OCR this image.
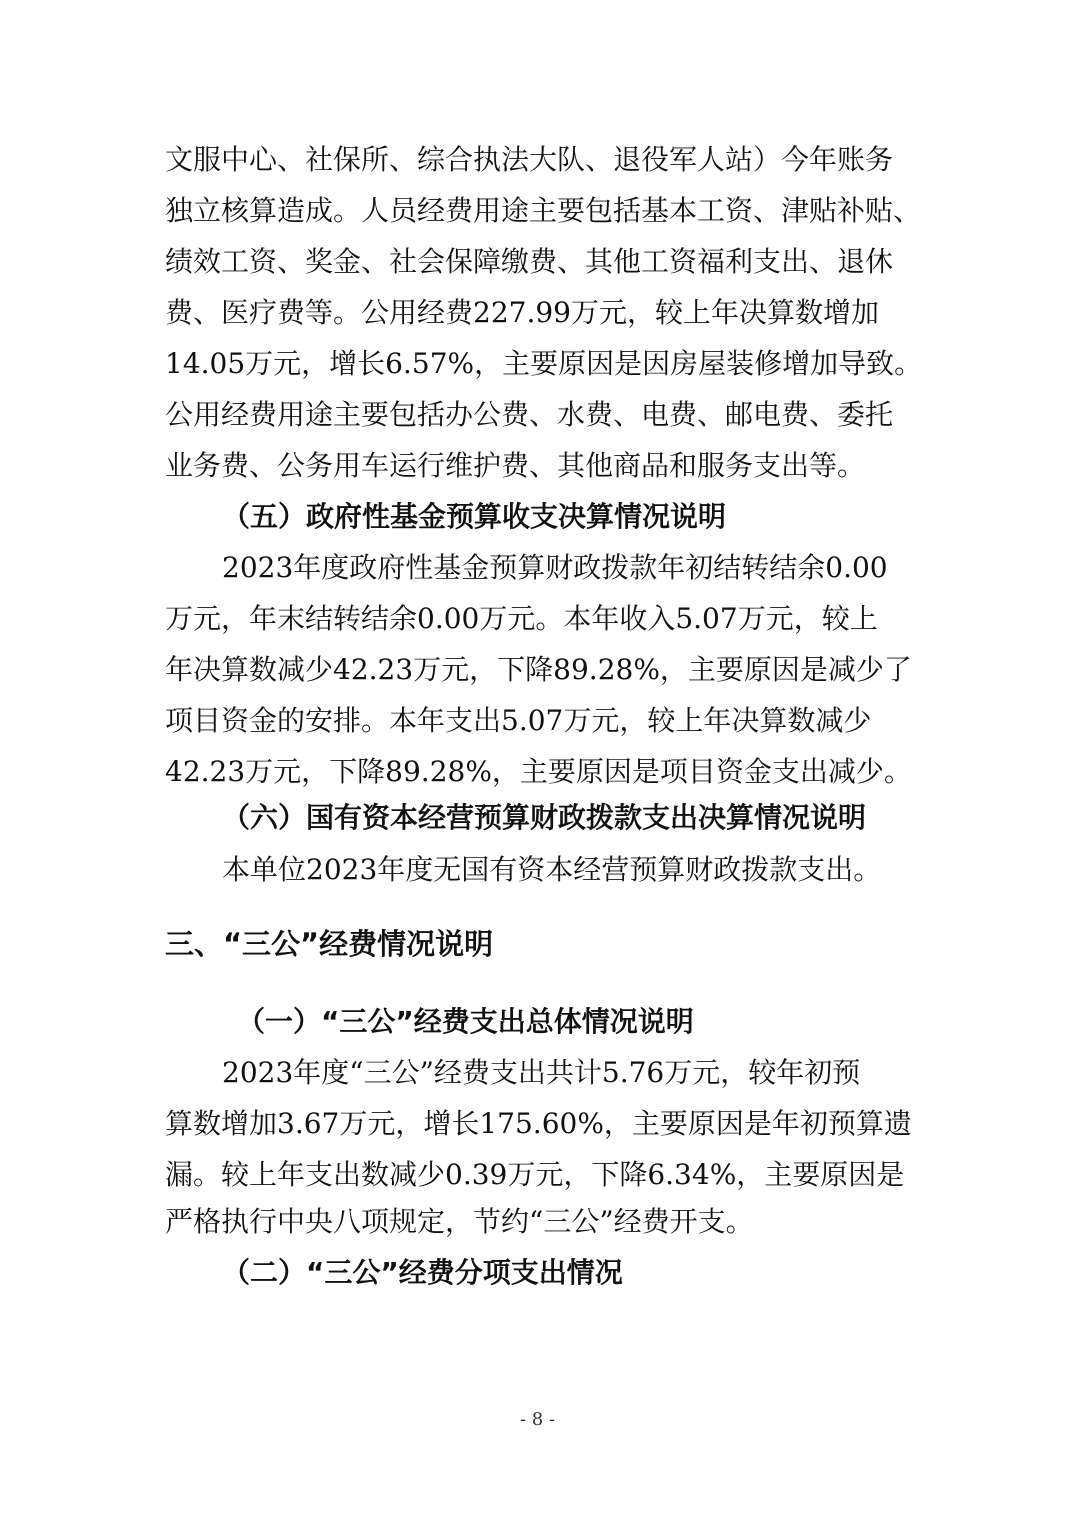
文服中心、社保所、综合执法大队、退役军人站）今年账务
独立核算造成。人员经费用途主要包括基本工资、津贴补贴、
绩效工资、奖金、社会保障缴费、其他工资福利支出、退休
费、医疗费等。公用经费227.99万元，较上年决算数增加
14.05万元，增长6.57%，主要原因是因房屋装修增加导致。
公用经费用途主要包括办公费、水费、电费、邮电费、委托
业务费、公务用车运行维护费、其他商品和服务支出等。
（五）政府性基金预算收支决算情况说明
2023年度政府性基金预算财政拨款年初结转结余0.00
万元，年末结转结余0.00万元。本年收入5.07万元，较上
年决算数减少42.23万元，下降89.28%，主要原因是减少了
项目资金的安排。本年支出5.07万元，较上年决算数减少
42.23万元，下降89.28%，主要原因是项目资金支出减少。
（六）国有资本经营预算财政拨款支出决算情况说明
本单位2023年度无国有资本经营预算财政拨款支出。
三、“三公”经费情况说明
（一）“三公”经费支出总体情况说明
2023年度“三公”经费支出共计5.76万元，较年初预
算数增加3.67万元，增长175.60%，主要原因是年初预算遗
漏。较上年支出数减少0.39万元，下降6.34%，主要原因是
严格执行中央八项规定，节约“三公”经费开支。
（二）“三公”经费分项支出情况
- 8 -
